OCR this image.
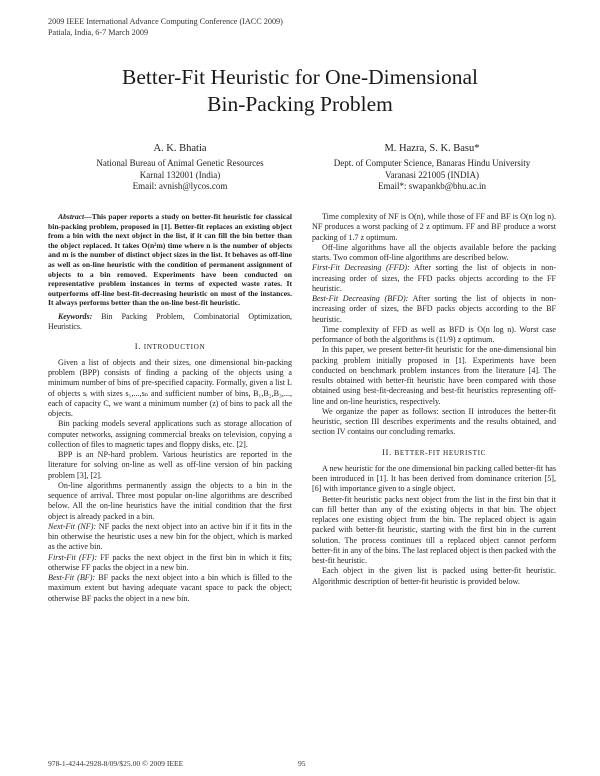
2009 IEEE International Advance Computing Conference (IACC 2009)
Patiala, India, 6-7 March 2009
Better-Fit Heuristic for One-Dimensional
Bin-Packing Problem
A. K. Bhatia
National Bureau of Animal Genetic Resources
Karnal 132001 (India)
Email: avnish@lycos.com
M. Hazra, S. K. Basu*
Dept. of Computer Science, Banaras Hindu University
Varanasi 221005 (INDIA)
Email*: swapankb@bhu.ac.in

Abstract—This paper reports a study on better-fit heuristic for classical bin-packing problem, proposed in [1]. Better-fit replaces an existing object from a bin with the next object in the list, if it can fill the bin better than the object replaced. It takes O(n²m) time where n is the number of objects and m is the number of distinct object sizes in the list. It behaves as off-line as well as on-line heuristic with the condition of permanent assignment of objects to a bin removed. Experiments have been conducted on representative problem instances in terms of expected waste rates. It outperforms off-line best-fit-decreasing heuristic on most of the instances. It always performs better than the on-line best-fit heuristic.

Keywords: Bin Packing Problem, Combinatorial Optimization, Heuristics.

I. INTRODUCTION

Given a list of objects and their sizes, one dimensional bin-packing problem (BPP) consists of finding a packing of the objects using a minimum number of bins of pre-specified capacity. Formally, given a list L of objects sᵢ with sizes s₁,...,sₙ and sufficient number of bins, B₁,B₂,B₃,..., each of capacity C, we want a minimum number (z) of bins to pack all the objects.

Bin packing models several applications such as storage allocation of computer networks, assigning commercial breaks on television, copying a collection of files to magnetic tapes and floppy disks, etc. [2].

BPP is an NP-hard problem. Various heuristics are reported in the literature for solving on-line as well as off-line version of bin packing problem [3], [2].

On-line algorithms permanently assign the objects to a bin in the sequence of arrival. Three most popular on-line algorithms are described below. All the on-line heuristics have the initial condition that the first object is already packed in a bin.

Next-Fit (NF): NF packs the next object into an active bin if it fits in the bin otherwise the heuristic uses a new bin for the object, which is marked as the active bin.

First-Fit (FF): FF packs the next object in the first bin in which it fits; otherwise FF packs the object in a new bin.

Best-Fit (BF): BF packs the next object into a bin which is filled to the maximum extent but having adequate vacant space to pack the object; otherwise BF packs the object in a new bin.

Time complexity of NF is O(n), while those of FF and BF is O(n log n). NF produces a worst packing of 2 z optimum. FF and BF produce a worst packing of 1.7 z optimum.

Off-line algorithms have all the objects available before the packing starts. Two common off-line algorithms are described below.

First-Fit Decreasing (FFD): After sorting the list of objects in non-increasing order of sizes, the FFD packs objects according to the FF heuristic.

Best-Fit Decreasing (BFD): After sorting the list of objects in non-increasing order of sizes, the BFD packs objects according to the BF heuristic.

Time complexity of FFD as well as BFD is O(n log n). Worst case performance of both the algorithms is (11/9) z optimum.

In this paper, we present better-fit heuristic for the one-dimensional bin packing problem initially proposed in [1]. Experiments have been conducted on benchmark problem instances from the literature [4]. The results obtained with better-fit heuristic have been compared with those obtained using best-fit-decreasing and best-fit heuristics representing off-line and on-line heuristics, respectively.

We organize the paper as follows: section II introduces the better-fit heuristic, section III describes experiments and the results obtained, and section IV contains our concluding remarks.

II. BETTER-FIT HEURISTIC

A new heuristic for the one dimensional bin packing called better-fit has been introduced in [1]. It has been derived from dominance criterion [5], [6] with importance given to a single object.

Better-fit heuristic packs next object from the list in the first bin that it can fill better than any of the existing objects in that bin. The object replaces one existing object from the bin. The replaced object is again packed with better-fit heuristic, starting with the first bin in the current solution. The process continues till a replaced object cannot perform better-fit in any of the bins. The last replaced object is then packed with the best-fit heuristic.

Each object in the given list is packed using better-fit heuristic. Algorithmic description of better-fit heuristic is provided below.

978-1-4244-2928-8/09/$25.00 © 2009 IEEE	95
